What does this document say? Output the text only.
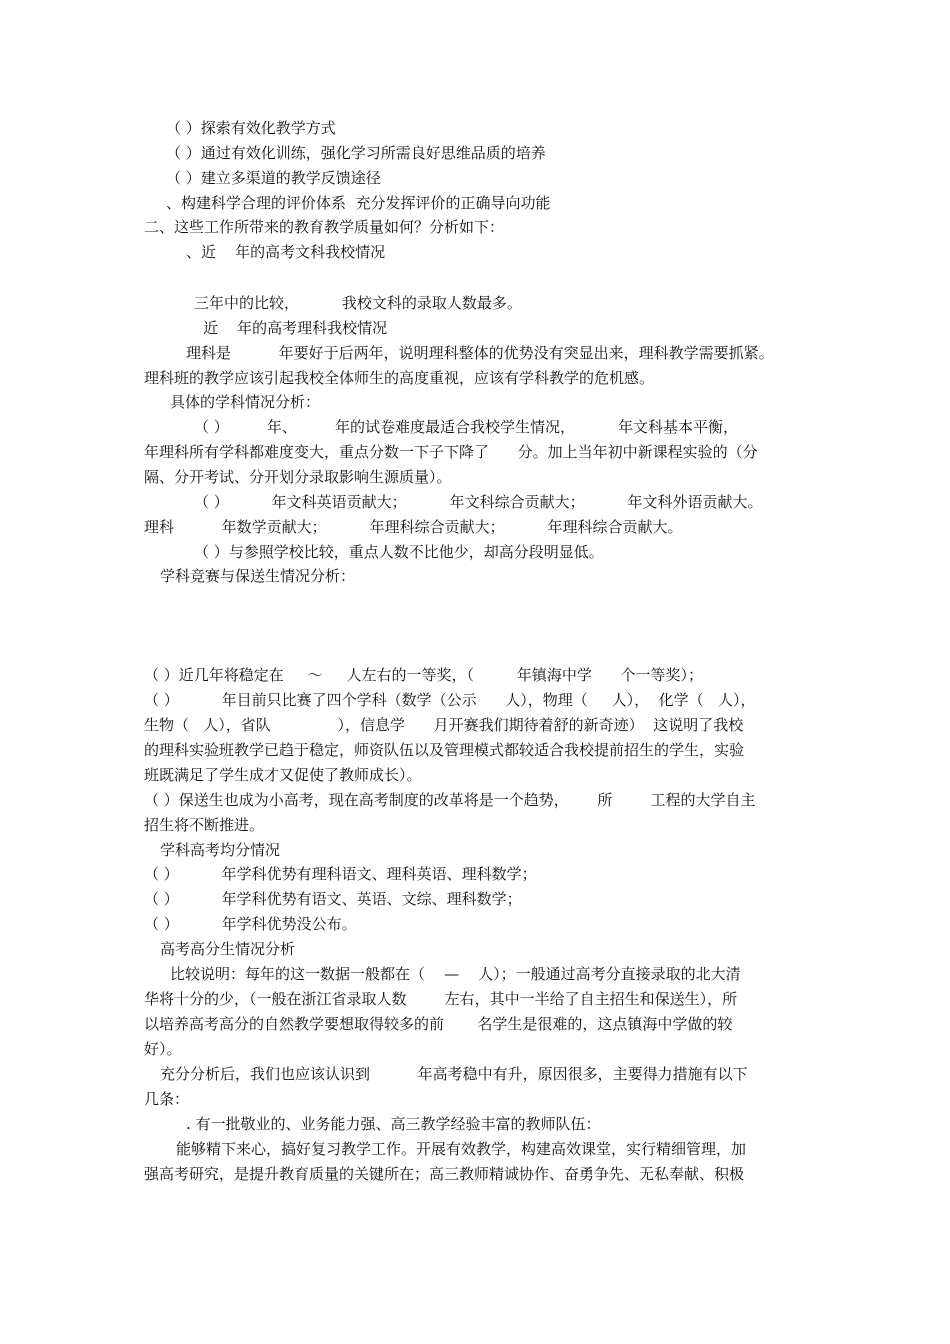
（ ）探索有效化教学方式
（ ）通过有效化训练，强化学习所需良好思维品质的培养
（ ）建立多渠道的教学反馈途径
、构建科学合理的评价体系  充分发挥评价的正确导向功能
二、这些工作所带来的教育教学质量如何？分析如下：
、近    年的高考文科我校情况
三年中的比较，         我校文科的录取人数最多。
近    年的高考理科我校情况
理科是          年要好于后两年，说明理科整体的优势没有突显出来，理科教学需要抓紧。
理科班的教学应该引起我校全体师生的高度重视，应该有学科教学的危机感。
具体的学科情况分析：
（ ）        年、        年的试卷难度最适合我校学生情况，         年文科基本平衡，
年理科所有学科都难度变大，重点分数一下子下降了      分。加上当年初中新课程实验的（分
隔、分开考试、分开划分录取影响生源质量）。
（ ）         年文科英语贡献大；         年文科综合贡献大；         年文科外语贡献大。
理科          年数学贡献大；         年理科综合贡献大；         年理科综合贡献大。
（ ）与参照学校比较，重点人数不比他少，却高分段明显低。
学科竞赛与保送生情况分析：
（ ）近几年将稳定在     ～     人左右的一等奖，（         年镇海中学      个一等奖）；
（ ）         年目前只比赛了四个学科（数学（公示      人），物理（     人），  化学（   人），
生物（   人），省队              ），信息学      月开赛我们期待着舒的新奇迹）  这说明了我校
的理科实验班教学已趋于稳定，师资队伍以及管理模式都较适合我校提前招生的学生，实验
班既满足了学生成才又促使了教师成长）。
（ ）保送生也成为小高考，现在高考制度的改革将是一个趋势，      所        工程的大学自主
招生将不断推进。
学科高考均分情况
（ ）         年学科优势有理科语文、理科英语、理科数学；
（ ）         年学科优势有语文、英语、文综、理科数学；
（ ）         年学科优势没公布。
高考高分生情况分析
比较说明：每年的这一数据一般都在（    —    人）；一般通过高考分直接录取的北大清
华将十分的少，（一般在浙江省录取人数        左右，其中一半给了自主招生和保送生），所
以培养高考高分的自然教学要想取得较多的前       名学生是很难的，这点镇海中学做的较
好）。
充分分析后，我们也应该认识到          年高考稳中有升，原因很多，主要得力措施有以下
几条：
. 有一批敬业的、业务能力强、高三教学经验丰富的教师队伍：
能够精下来心，搞好复习教学工作。开展有效教学，构建高效课堂，实行精细管理，加
强高考研究，是提升教育质量的关键所在；高三教师精诚协作、奋勇争先、无私奉献、积极
